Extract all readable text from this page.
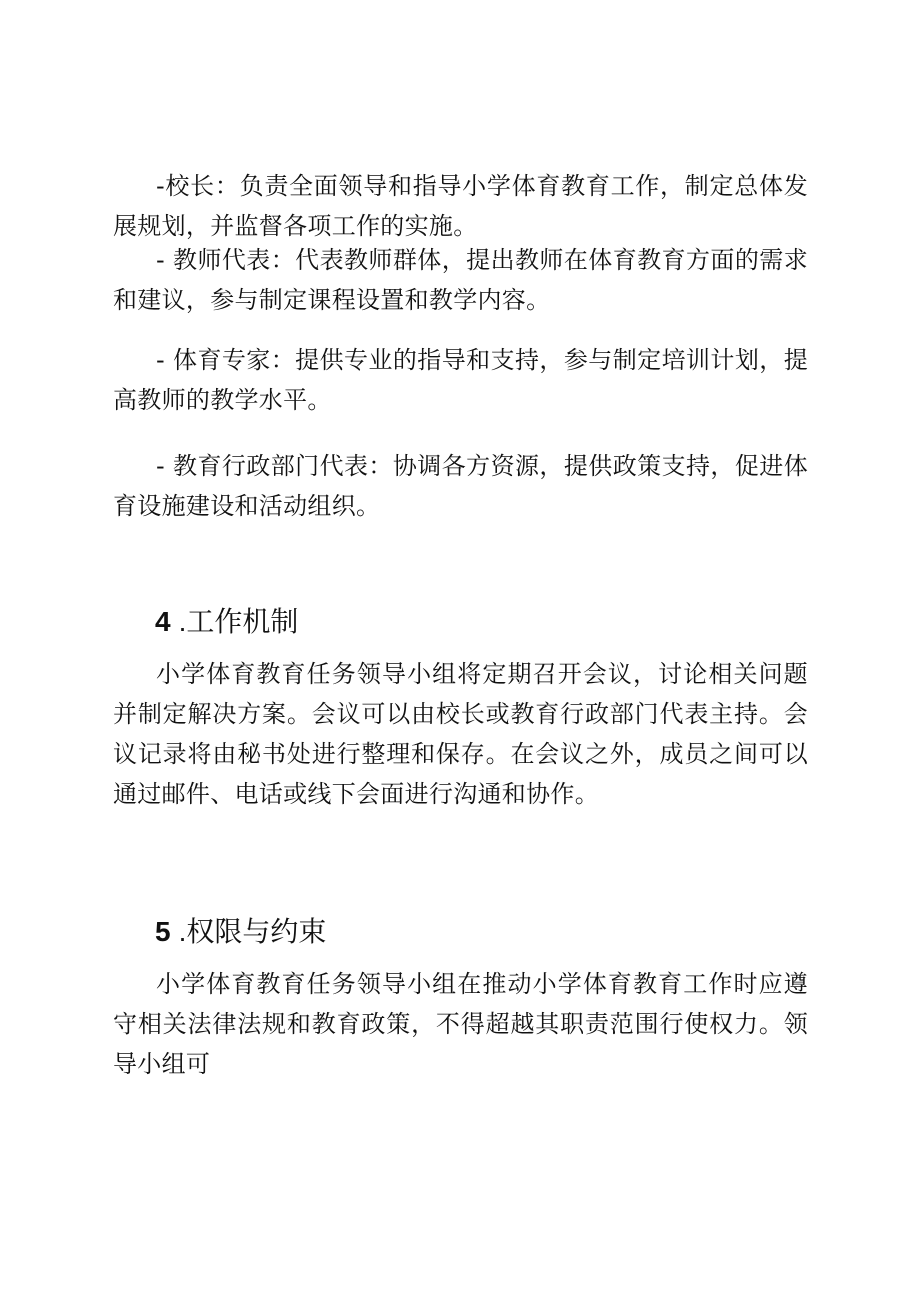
-校长：负责全面领导和指导小学体育教育工作，制定总体发展规划，并监督各项工作的实施。

- 教师代表：代表教师群体，提出教师在体育教育方面的需求和建议，参与制定课程设置和教学内容。

- 体育专家：提供专业的指导和支持，参与制定培训计划，提高教师的教学水平。

- 教育行政部门代表：协调各方资源，提供政策支持，促进体育设施建设和活动组织。

4 .工作机制

小学体育教育任务领导小组将定期召开会议，讨论相关问题并制定解决方案。会议可以由校长或教育行政部门代表主持。会议记录将由秘书处进行整理和保存。在会议之外，成员之间可以通过邮件、电话或线下会面进行沟通和协作。

5 .权限与约束

小学体育教育任务领导小组在推动小学体育教育工作时应遵守相关法律法规和教育政策，不得超越其职责范围行使权力。领导小组可
